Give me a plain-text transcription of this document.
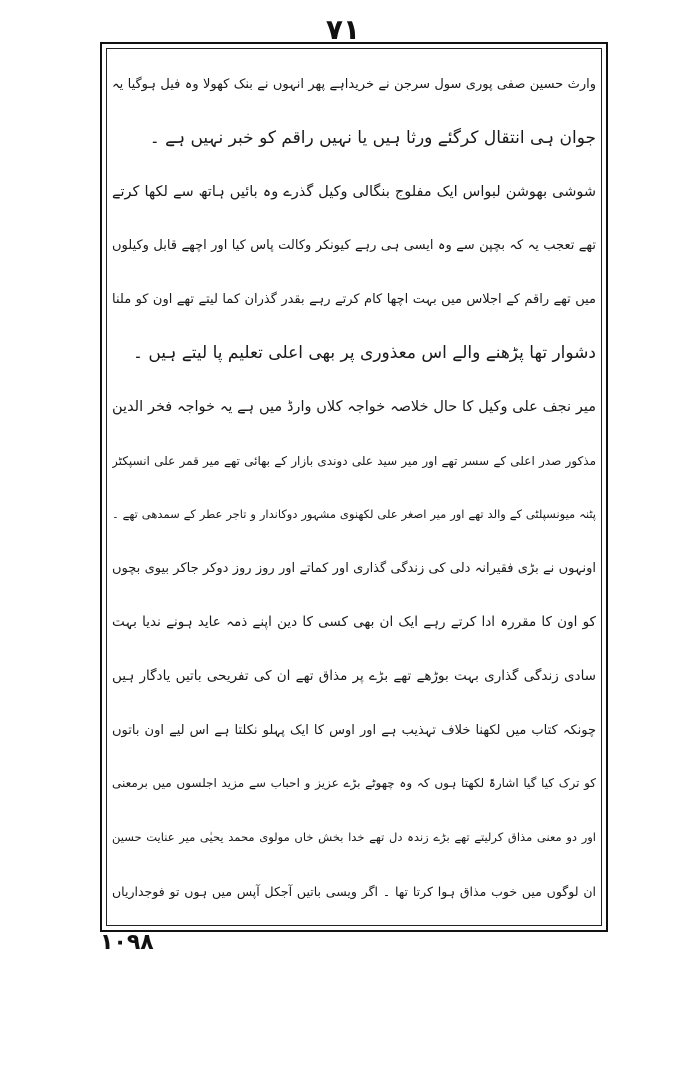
۷۱
وارث حسین صفی پوری سول سرجن نے خریداہے پھر انہوں نے بنک کھولا وہ فیل ہوگیا یہ
جوان ہی انتقال کرگئے ورثا ہیں یا نہیں راقم کو خبر نہیں ہے ۔
شوشی بھوشن لبواس ایک مفلوج بنگالی وکیل گذرے وہ بائیں ہاتھ سے لکھا کرتے
تھے تعجب یہ کہ بچپن سے وہ ایسی ہی رہے کیونکر وکالت پاس کیا اور اچھے قابل وکیلوں
میں تھے راقم کے اجلاس میں بہت اچھا کام کرتے رہے بقدر گذران کما لیتے تھے اون کو ملنا
دشوار تھا پڑھنے والے اس معذوری پر بھی اعلی تعلیم پا لیتے ہیں ۔
میر نجف علی وکیل کا حال خلاصہ خواجہ کلاں وارڈ میں ہے یہ خواجہ فخر الدین
مذکور صدر اعلی کے سسر تھے اور میر سید علی دوندی بازار کے بھائی تھے میر قمر علی انسپکٹر
پٹنہ میونسپلٹی کے والد تھے اور میر اصغر علی لکھنوی مشہور دوکاندار و تاجر عطر کے سمدھی تھے ۔
اونہوں نے بڑی فقیرانہ دلی کی زندگی گذاری اور کماتے اور روز روز دوکر جاکر بیوی بچوں
کو اون کا مقررہ ادا کرتے رہے ایک ان بھی کسی کا دین اپنے ذمہ عاید ہونے ندیا بہت
سادی زندگی گذاری بہت بوڑھے تھے بڑے پر مذاق تھے ان کی تفریحی باتیں یادگار ہیں
چونکہ کتاب میں لکھنا خلاف تہذیب ہے اور اوس کا ایک پہلو نکلتا ہے اس لیے اون باتوں
کو ترک کیا گیا اشارۃً لکھتا ہوں کہ وہ چھوٹے بڑے عزیز و احباب سے مزید اجلسوں میں برمعنی
اور دو معنی مذاق کرلیتے تھے بڑے زندہ دل تھے خدا بخش خاں مولوی محمد یحیٰی میر عنایت حسین
ان لوگوں میں خوب مذاق ہوا کرتا تھا ۔ اگر ویسی باتیں آجکل آپس میں ہوں تو فوجداریاں
۱۰۹۸
